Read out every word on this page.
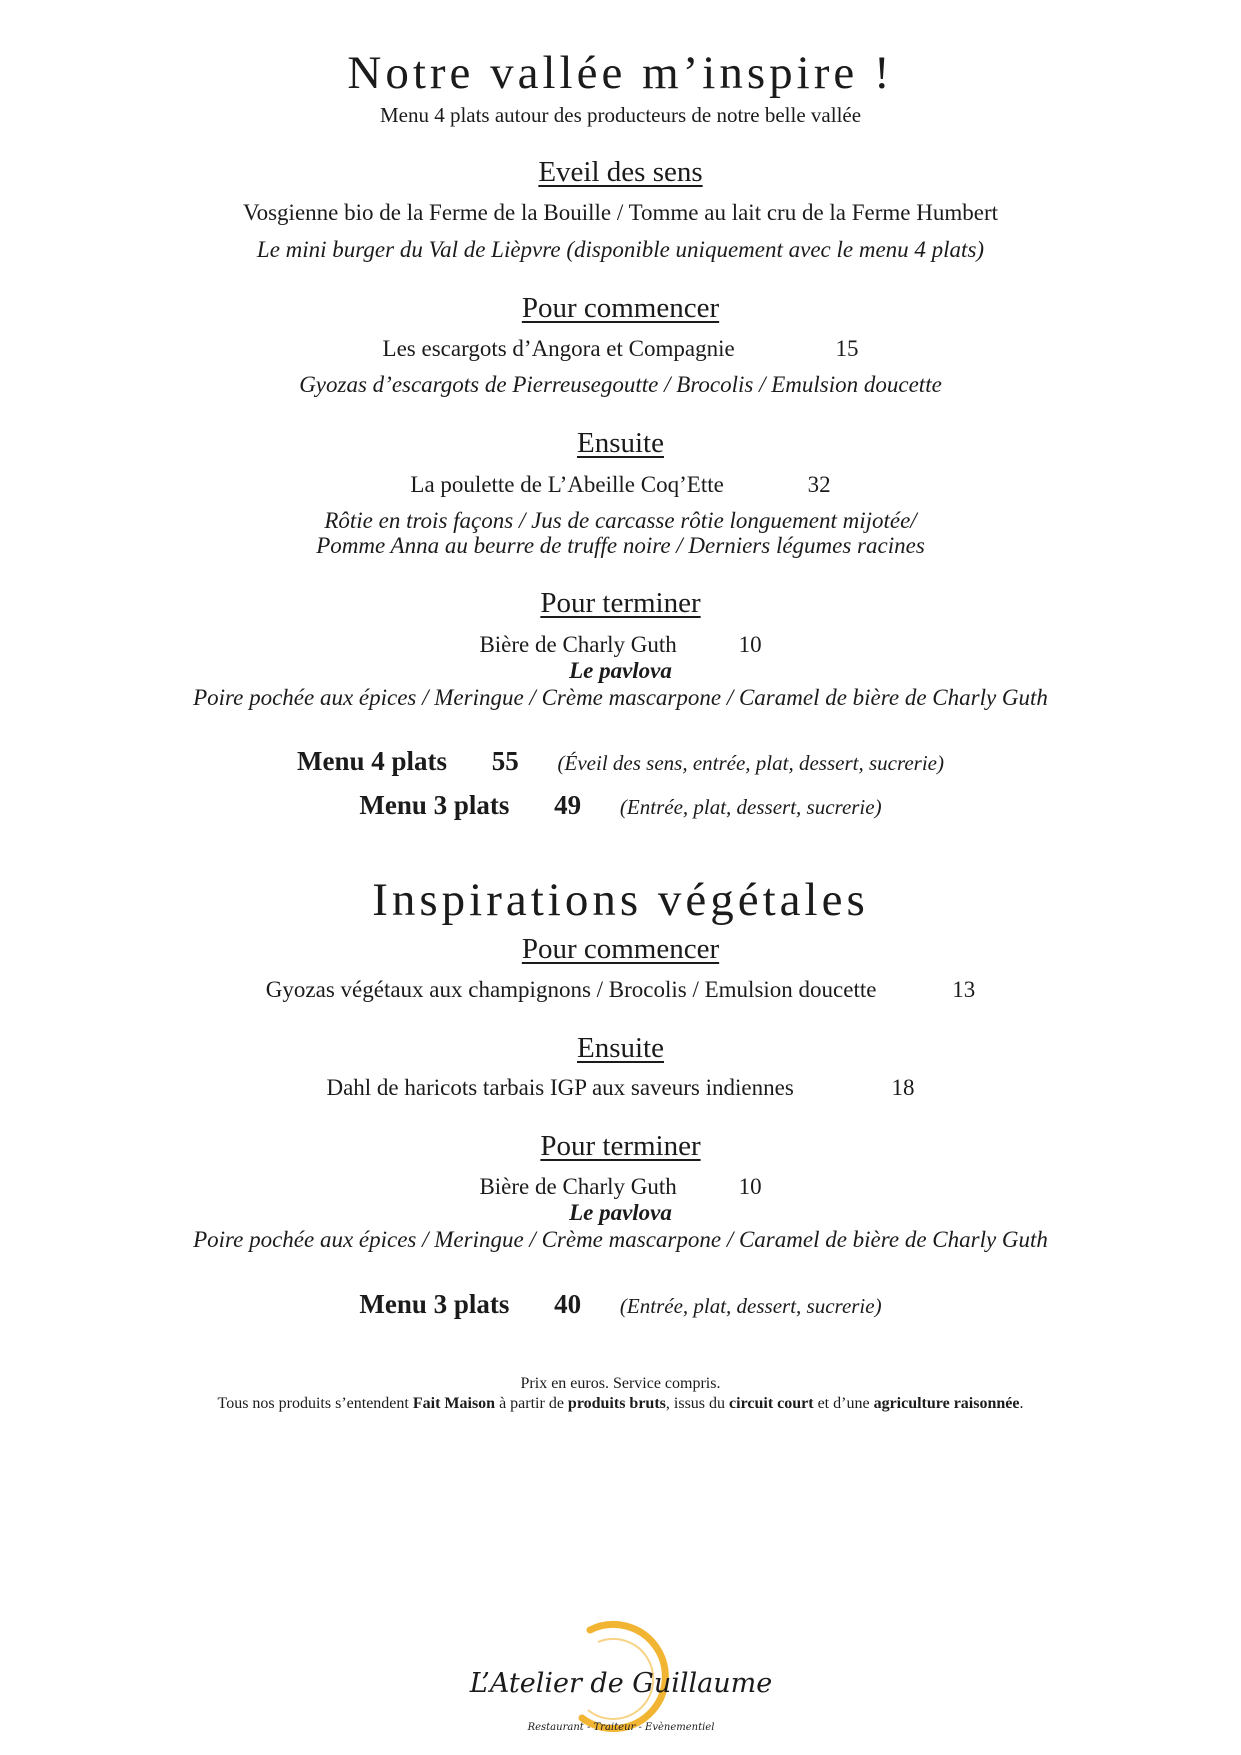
Notre vallée m’inspire !
Menu 4 plats autour des producteurs de notre belle vallée
Eveil des sens
Vosgienne bio de la Ferme de la Bouille / Tomme au lait cru de la Ferme Humbert
Le mini burger du Val de Lièpvre (disponible uniquement avec le menu 4 plats)
Pour commencer
Les escargots d’Angora et Compagnie	15
Gyozas d’escargots de Pierreusegoutte / Brocolis / Emulsion doucette
Ensuite
La poulette de L’Abeille Coq’Ette	32
Rôtie en trois façons / Jus de carcasse rôtie longuement mijotée/
Pomme Anna au beurre de truffe noire / Derniers légumes racines
Pour terminer
Bière de Charly Guth	10
Le pavlova
Poire pochée aux épices / Meringue / Crème mascarpone / Caramel de bière de Charly Guth
Menu 4 plats 55 (Éveil des sens, entrée, plat, dessert, sucrerie)
Menu 3 plats 49 (Entrée, plat, dessert, sucrerie)
Inspirations végétales
Pour commencer
Gyozas végétaux aux champignons / Brocolis / Emulsion doucette	13
Ensuite
Dahl de haricots tarbais IGP aux saveurs indiennes	18
Pour terminer
Bière de Charly Guth	10
Le pavlova
Poire pochée aux épices / Meringue / Crème mascarpone / Caramel de bière de Charly Guth
Menu 3 plats 40 (Entrée, plat, dessert, sucrerie)
Prix en euros. Service compris.
Tous nos produits s’entendent Fait Maison à partir de produits bruts, issus du circuit court et d’une agriculture raisonnée.
L’Atelier de Guillaume
Restaurant - Traiteur - Evènementiel
